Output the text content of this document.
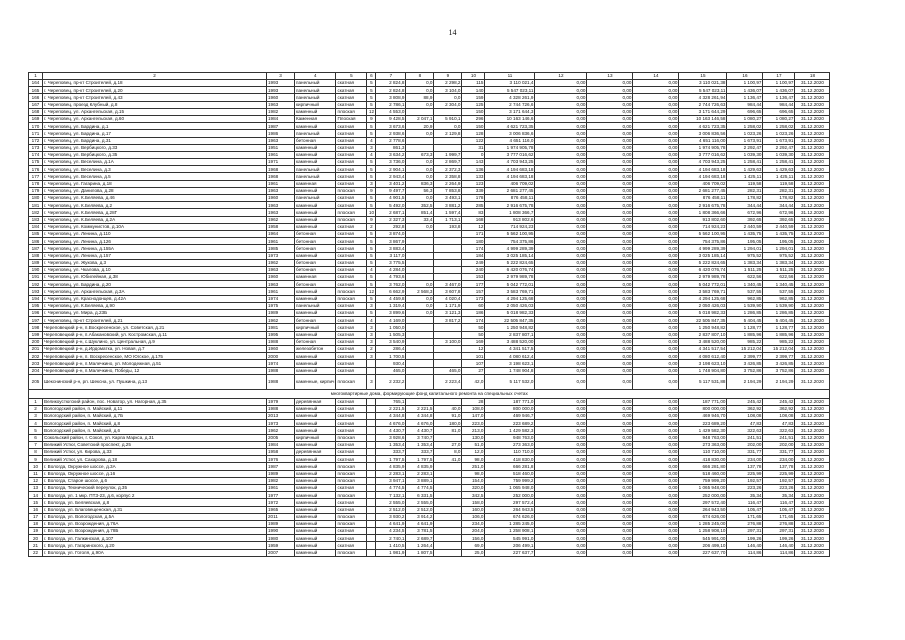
14
1	2	3	4	5	6	7	8	9	10	11	12	13	14	15	16	17	18
164	г. Череповец, пр-кт Строителей, д.18	1993	панельный	скатная	5	2 824,8	0,0	2 298,2	115	3 110 021,4	0,00	0,00	0,00	3 110 021,38	1 100,97	1 100,97	31.12.2020
165	г. Череповец, пр-кт Строителей, д.20	1993	панельный	скатная	5	2 824,8	0,0	3 104,0	140	5 547 023,11	0,00	0,00	0,00	5 547 023,11	1 436,07	1 436,07	31.12.2020
166	г. Череповец, пр-кт Строителей, д.43	1960	панельный	скатная	5	3 808,9	88,9	0,0	159	4 328 261,9	0,00	0,00	0,00	4 328 261,94	1 136,47	1 136,47	31.12.2020
167	г. Череповец, проезд Клубный, д.8	1963	кирпичный	скатная	5	2 786,1	0,0	2 304,0	125	2 744 726,6	0,00	0,00	0,00	2 744 726,63	984,44	984,44	31.12.2020
168	г. Череповец, ул. Архангельская, д.15	1982	каменный	плоская	12	4 553,0			150	3 171 644,3	0,00	0,00	0,00	3 171 644,29	696,65	696,65	31.12.2020
169	г. Череповец, ул. Архангельская, д.60	1984	Каменная	Плоская	9	9 428,5	2 047,1	5 910,1	296	10 163 146,6	0,00	0,00	0,00	10 163 146,58	1 080,27	1 080,27	31.12.2020
170	г. Череповец, ул. Бардина, д.1	1987	каменный	скатная	5	3 673,6	20,9	0,0	150	4 621 723,35	0,00	0,00	0,00	4 621 723,35	1 258,02	1 258,02	31.12.2020
171	г. Череповец, ул. Бардина, д.17	1986	панельный	скатная	5	2 938,6	0,0	2 129,8	128	3 006 836,6	0,00	0,00	0,00	3 006 836,56	1 023,26	1 023,26	31.12.2020
172	г. Череповец, ул. Бардина, д.31	1963	бетонная	скатная	4	2 778,6			122	4 651 116,0	0,00	0,00	0,00	4 651 116,00	1 673,91	1 673,91	31.12.2020
173	г. Череповец, ул. Вербицкого, д.33	1951	каменный	скатная	3	861,3			31	1 974 905,78	0,00	0,00	0,00	1 974 905,78	2 292,47	2 292,47	31.12.2020
174	г. Череповец, ул. Вербицкого, д.35	1961	каменный	скатная	4	3 634,2	673,3	1 999,7	0	3 777 016,62	0,00	0,00	0,00	3 777 016,62	1 039,30	1 039,30	31.12.2020
175	г. Череповец, ул. Веселина, д.1А	1971	каменный	скатная	5	3 736,0	0,0	2 869,7	143	4 703 943,25	0,00	0,00	0,00	4 703 943,25	1 258,41	1 258,41	31.12.2020
176	г. Череповец, ул. Веселина, д.3	1968	панельный	скатная	5	2 904,1	0,0	2 372,3	136	4 194 683,18	0,00	0,00	0,00	4 194 683,18	1 429,63	1 429,63	31.12.2020
177	г. Череповец, ул. Веселина, д.5	1968	панельный	скатная	5	2 943,4	0,0	2 358,8	133	4 194 683,18	0,00	0,00	0,00	4 194 683,18	1 425,11	1 425,11	31.12.2020
178	г. Череповец, ул. Гагарина, д.18	1961	каменная	скатная	3	3 401,2	836,3	2 264,9	123	406 709,02	0,00	0,00	0,00	406 709,02	119,58	119,58	31.12.2020
179	г. Череповец, ул. Данилова, д.28	1963	каменный	плоская	9	9 497,7	56,3	7 853,8	339	2 681 277,45	0,00	0,00	0,00	2 681 277,45	282,31	282,31	31.12.2020
180	г. Череповец, ул. К.Беляева, д.46	1960	панельный	скатная	5	4 901,5	0,0	3 493,1	178	876 458,11	0,00	0,00	0,00	876 458,11	178,82	178,82	31.12.2020
181	г. Череповец, ул. К.Беляева, д.2	1963	каменный	скатная	5	5 492,0	352,5	3 881,2	285	2 916 675,78	0,00	0,00	0,00	2 916 675,78	344,44	344,44	31.12.2020
182	г. Череповец, ул. К.Беляева, д.28Г	1963	каменный	плоская	10	2 687,1	851,4	1 597,4	83	1 808 366,7	0,00	0,00	0,00	1 808 366,66	672,96	672,96	31.12.2020
183	г. Череповец, ул. К.Беляева, д.2А	1962	каменный	плоская	9	2 327,3	33,4	1 713,1	168	913 802,6	0,00	0,00	0,00	913 802,60	392,65	392,65	31.12.2020
184	г. Череповец, ул. Коммунистов, д.10А	1958	каменный	скатная	2	292,8	0,0	193,8	12	714 924,23	0,00	0,00	0,00	714 924,23	2 440,59	2 440,59	31.12.2020
185	г. Череповец, ул. Ленина, д.110	1964	бетонная	скатная	5	3 874,0			171	5 562 100,95	0,00	0,00	0,00	5 562 100,95	1 435,75	1 435,75	31.12.2020
186	г. Череповец, ул. Ленина, д.126	1961	бетонная	скатная	5	3 867,9			180	754 375,86	0,00	0,00	0,00	754 375,86	195,05	195,05	31.12.2020
187	г. Череповец, ул. Ленина, д.155А	1985	бетонная	скатная	5	3 883,4			174	4 999 289,39	0,00	0,00	0,00	4 999 289,39	1 294,01	1 294,01	31.12.2020
188	г. Череповец, ул. Ленина, д.157	1973	каменный	скатная	5	3 117,0			184	3 025 185,14	0,00	0,00	0,00	3 025 185,14	975,52	975,52	31.12.2020
189	г. Череповец, ул. Жукова, д.3	1962	бетонная	скатная	5	3 775,5			249	5 222 824,65	0,00	0,00	0,00	5 222 824,65	1 383,34	1 383,34	31.12.2020
190	г. Череповец, ул. Чкалова, д.10	1963	бетонная	скатная	4	4 284,0			240	6 420 076,74	0,00	0,00	0,00	6 420 076,74	1 511,25	1 511,25	31.12.2020
191	г. Череповец, ул. Юбилейная, д.38	1960	каменная	скатная	5	4 793,6			153	2 979 989,78	0,00	0,00	0,00	2 979 989,78	622,56	622,56	31.12.2020
192	г. Череповец, ул. Бардина, д.20	1963	бетонная	скатная	5	3 762,0	0,0	3 467,0	177	5 042 772,01	0,00	0,00	0,00	5 042 772,01	1 340,45	1 340,45	31.12.2020
193	г. Череповец, ул. Архангельская, д.3А	1961	каменный	плоская	12	6 662,9	2 568,3	3 607,8	157	3 583 769,71	0,00	0,00	0,00	3 583 769,71	537,55	537,55	31.12.2020
194	г. Череповец, ул. Краснодонцев, д.42А	1974	каменный	плоская	5	4 459,8	0,0	4 020,4	173	4 294 125,68	0,00	0,00	0,00	4 294 125,68	962,85	962,85	31.12.2020
195	г. Череповец, ул. К.Беляева, д.90	1975	панельный	скатная	3	1 319,4	0,0	1 171,9	60	2 050 426,03	0,00	0,00	0,00	2 050 426,03	1 539,90	1 539,90	31.12.2020
196	г. Череповец, ул. Мира, д.23Б	1989	каменный	скатная	5	3 899,6	0,0	3 121,3	186	5 018 982,33	0,00	0,00	0,00	5 018 982,33	1 286,85	1 286,85	31.12.2020
197	г. Череповец, пр-кт Строителей, д.21	1962	бетонная	скатная	4	4 169,0		3 817,2	174	22 505 847,35	0,00	0,00	0,00	22 505 847,35	5 404,45	5 404,45	31.12.2020
198	Череповецкий р-н, п.Воскресенское, ул. Советская, д.21	1981	кирпичный	скатная	3	1 050,0			50	1 250 948,82	0,00	0,00	0,00	1 250 948,82	1 128,77	1 128,77	31.12.2020
199	Череповецкий р-н, п.Абакановский, ул. Костромская, д.11	1995	каменный	скатная	3	1 505,3			50	2 837 807,1	0,00	0,00	0,00	2 837 807,10	1 885,96	1 885,96	31.12.2020
200	Череповецкий р-н, с.Шуклино, ул. Центральная, д.9	1988	бетонная	скатная	3	3 540,9		3 100,0	169	3 488 520,00	0,00	0,00	0,00	3 488 520,00	985,22	985,22	31.12.2020
201	Череповецкий р-н, д.Ирдоматка, ул. Новая, д.7	1960	железобетон	скатная	2	286,4			12	4 341 517,5	0,00	0,00	0,00	4 341 517,54	15 212,04	15 212,04	31.12.2020
202	Череповецкий р-н, п. Воскресенское, МО Югское, д.175	2000	каменный	скатная	3	1 700,5			101	4 080 612,4	0,00	0,00	0,00	4 080 612,40	2 399,77	2 399,77	31.12.2020
203	Череповецкий р-н, п.Малечкино, ул. Молодежная, д.51	1974	каменный	скатная		930,4			107	3 198 623,1	0,00	0,00	0,00	3 198 623,10	3 426,85	3 426,85	31.12.2020
204	Череповецкий р-н, п.Малечкино, Победы, 12	1988	каменный	скатная		465,0		465,0	27	1 748 904,8	0,00	0,00	0,00	1 748 904,80	3 752,86	3 752,86	31.12.2020
205	Шекснинский р-н, рп. Шексна, ул. Пушкина, д.13	1988	каменные, кирпич	плоская	3	2 232,2		2 223,4	42,0	5 117 532,0	0,00	0,00	0,00	5 117 531,88	2 194,29	2 194,29	31.12.2020
многоквартирные дома, формирующие фонд капитального ремонта на специальных счетах																	
1	Великоустюгский район, пос. Новатор, ул. Нагорная, д.35	1979	деревянная	скатная		765,1			28	187 771,0	0,00	0,00	0,00	187 771,00	245,42	245,42	31.12.2020
2	Вологодский район, п. Майский, д.11	1988	каменный	скатная		2 221,5	2 221,5	40,0	108,0	800 000,0	0,00	0,00	0,00	800 000,00	362,92	362,92	31.12.2020
3	Вологодский район, п. Майский, д.7Б	2013	каменный	скатная		4 344,8	4 344,8	91,0	147,0	469 946,7	0,00	0,00	0,00	469 946,70	108,08	108,08	31.12.2020
4	Вологодский район, п. Майский, д.8	1973	каменный	скатная		4 676,0	4 676,0	180,0	223,0	223 689,2	0,00	0,00	0,00	223 689,20	47,83	47,83	31.12.2020
5	Вологодский район, п. Майский, д.6	1962	каменный	скатная		4 430,7	4 430,7	81,0	213,0	1 429 582,3	0,00	0,00	0,00	1 429 582,30	322,63	322,63	31.12.2020
6	Сокольский район, г. Сокол, ул. Карла Маркса, д.31	2005	кирпичный	плоская		3 928,6	3 740,7		130,0	948 763,0	0,00	0,00	0,00	948 763,00	241,51	241,51	31.12.2020
7	Великий Устюг, Советский проспект, д.25	1984	каменный	скатная		1 353,4	1 353,4	27,0	51,0	273 363,0	0,00	0,00	0,00	273 363,00	202,00	202,00	31.12.2020
8	Великий Устюг, ул. Кирова, д.33	1958	деревянная	скатная		333,7	333,7	8,0	12,0	110 710,0	0,00	0,00	0,00	110 710,00	331,77	331,77	31.12.2020
9	Великий Устюг, ул. Сахарова, д.18	1976	каменный	скатная		1 797,5	1 797,5	41,0	98,0	418 830,0	0,00	0,00	0,00	418 830,00	234,00	234,00	31.12.2020
10	г. Вологда, Окружное шоссе, д.3А	1987	каменный	плоская		4 835,9	4 835,9		251,0	666 281,8	0,00	0,00	0,00	666 281,80	137,78	137,78	31.12.2020
11	г. Вологда, Окружное шоссе, д.16	1989	каменный	плоская		2 283,1	2 283,1		98,0	518 460,0	0,00	0,00	0,00	518 460,00	225,99	225,99	31.12.2020
12	г. Вологда, Старое шоссе, д.6	1982	каменный	плоская		3 947,1	3 889,1		154,0	759 999,2	0,00	0,00	0,00	759 999,20	192,57	192,57	31.12.2020
13	г. Вологда, Технический переулок, д.35	1961	каменный	скатная		4 774,5	4 774,5		320,0	1 065 948,0	0,00	0,00	0,00	1 065 948,00	223,26	223,26	31.12.2020
14	г. Вологда, ул. 1 мкр. ПТЗ-23, д.6, корпус 2	1977	каменный	плоская		7 132,1	6 331,5		342,5	252 000,0	0,00	0,00	0,00	252 000,00	35,34	35,34	31.12.2020
15	г. Вологда, ул. Беляевская, д.8	1972	каменный	скатная		2 555,0	2 555,0		158,0	297 572,4	0,00	0,00	0,00	297 572,40	116,47	116,47	31.12.2020
16	г. Вологда, ул. Благовещенская, д.31	1965	каменный	скатная		2 512,0	2 512,0		160,0	264 943,5	0,00	0,00	0,00	264 943,50	105,47	105,47	31.12.2020
17	г. Вологда, ул. Вологодская, д.5А	2011	каменный	плоская		3 930,2	3 914,2		106,0	674 626,0	0,00	0,00	0,00	674 626,00	171,65	171,65	31.12.2020
18	г. Вологда, ул. Возрождения, д.76А	1989	каменный	плоская		4 641,9	4 641,9		234,0	1 285 245,0	0,00	0,00	0,00	1 285 245,00	276,88	276,88	31.12.2020
19	г. Вологда, ул. Возрождения, д.78Б	1990	каменный	скатная		4 234,5	3 781,5		204,0	1 258 908,1	0,00	0,00	0,00	1 258 908,10	297,31	297,31	31.12.2020
20	г. Вологда, ул. Галкинская, д.107	1980	каменный	скатная		2 740,1	2 689,7		156,0	545 991,0	0,00	0,00	0,00	545 991,00	199,26	199,26	31.12.2020
21	г. Вологда, ул. Гагаринского, д.20	1959	каменный	скатная		1 410,5	1 264,4		69,0	206 499,1	0,00	0,00	0,00	206 499,10	146,40	146,40	31.12.2020
22	г. Вологда, ул. Гоголя, д.90А	2007	каменный	плоская		1 981,9	1 807,5		25,0	227 637,7	0,00	0,00	0,00	227 637,70	114,86	114,86	31.12.2020
